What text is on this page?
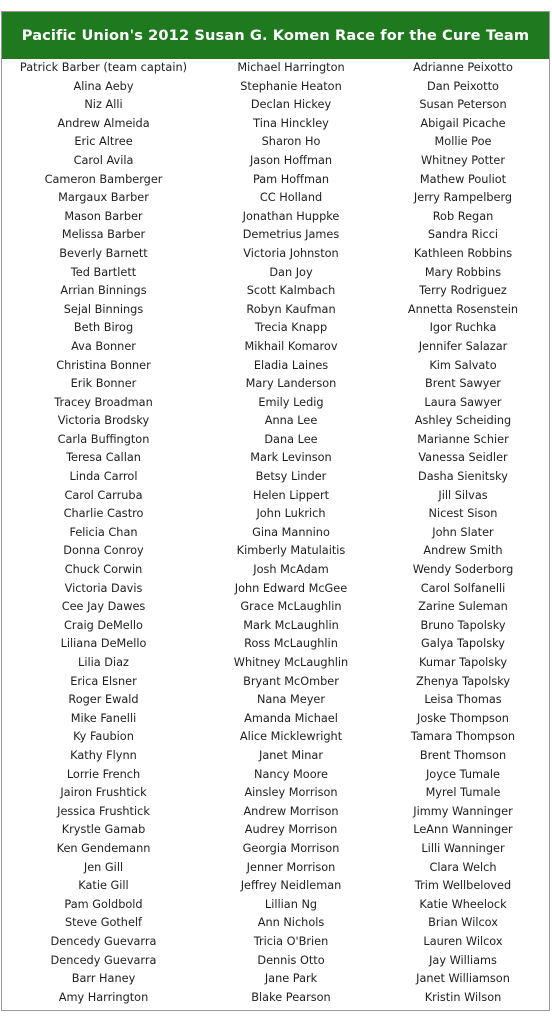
Pacific Union's 2012 Susan G. Komen Race for the Cure Team
Patrick Barber (team captain)
Alina Aeby
Niz Alli
Andrew Almeida
Eric Altree
Carol Avila
Cameron Bamberger
Margaux Barber
Mason Barber
Melissa Barber
Beverly Barnett
Ted Bartlett
Arrian Binnings
Sejal Binnings
Beth Birog
Ava Bonner
Christina Bonner
Erik Bonner
Tracey Broadman
Victoria Brodsky
Carla Buffington
Teresa Callan
Linda Carrol
Carol Carruba
Charlie Castro
Felicia Chan
Donna Conroy
Chuck Corwin
Victoria Davis
Cee Jay Dawes
Craig DeMello
Liliana DeMello
Lilia Diaz
Erica Elsner
Roger Ewald
Mike Fanelli
Ky Faubion
Kathy Flynn
Lorrie French
Jairon Frushtick
Jessica Frushtick
Krystle Gamab
Ken Gendemann
Jen Gill
Katie Gill
Pam Goldbold
Steve Gothelf
Dencedy Guevarra
Dencedy Guevarra
Barr Haney
Amy Harrington
Michael Harrington
Stephanie Heaton
Declan Hickey
Tina Hinckley
Sharon Ho
Jason Hoffman
Pam Hoffman
CC Holland
Jonathan Huppke
Demetrius James
Victoria Johnston
Dan Joy
Scott Kalmbach
Robyn Kaufman
Trecia Knapp
Mikhail Komarov
Eladia Laines
Mary Landerson
Emily Ledig
Anna Lee
Dana Lee
Mark Levinson
Betsy Linder
Helen Lippert
John Lukrich
Gina Mannino
Kimberly Matulaitis
Josh McAdam
John Edward McGee
Grace McLaughlin
Mark McLaughlin
Ross McLaughlin
Whitney McLaughlin
Bryant McOmber
Nana Meyer
Amanda Michael
Alice Micklewright
Janet Minar
Nancy Moore
Ainsley Morrison
Andrew Morrison
Audrey Morrison
Georgia Morrison
Jenner Morrison
Jeffrey Neidleman
Lillian Ng
Ann Nichols
Tricia O'Brien
Dennis Otto
Jane Park
Blake Pearson
Adrianne Peixotto
Dan Peixotto
Susan Peterson
Abigail Picache
Mollie Poe
Whitney Potter
Mathew Pouliot
Jerry Rampelberg
Rob Regan
Sandra Ricci
Kathleen Robbins
Mary Robbins
Terry Rodriguez
Annetta Rosenstein
Igor Ruchka
Jennifer Salazar
Kim Salvato
Brent Sawyer
Laura Sawyer
Ashley Scheiding
Marianne Schier
Vanessa Seidler
Dasha Sienitsky
Jill Silvas
Nicest Sison
John Slater
Andrew Smith
Wendy Soderborg
Carol Solfanelli
Zarine Suleman
Bruno Tapolsky
Galya Tapolsky
Kumar Tapolsky
Zhenya Tapolsky
Leisa Thomas
Joske Thompson
Tamara Thompson
Brent Thomson
Joyce Tumale
Myrel Tumale
Jimmy Wanninger
LeAnn Wanninger
Lilli Wanninger
Clara Welch
Trim Wellbeloved
Katie Wheelock
Brian Wilcox
Lauren Wilcox
Jay Williams
Janet Williamson
Kristin Wilson
